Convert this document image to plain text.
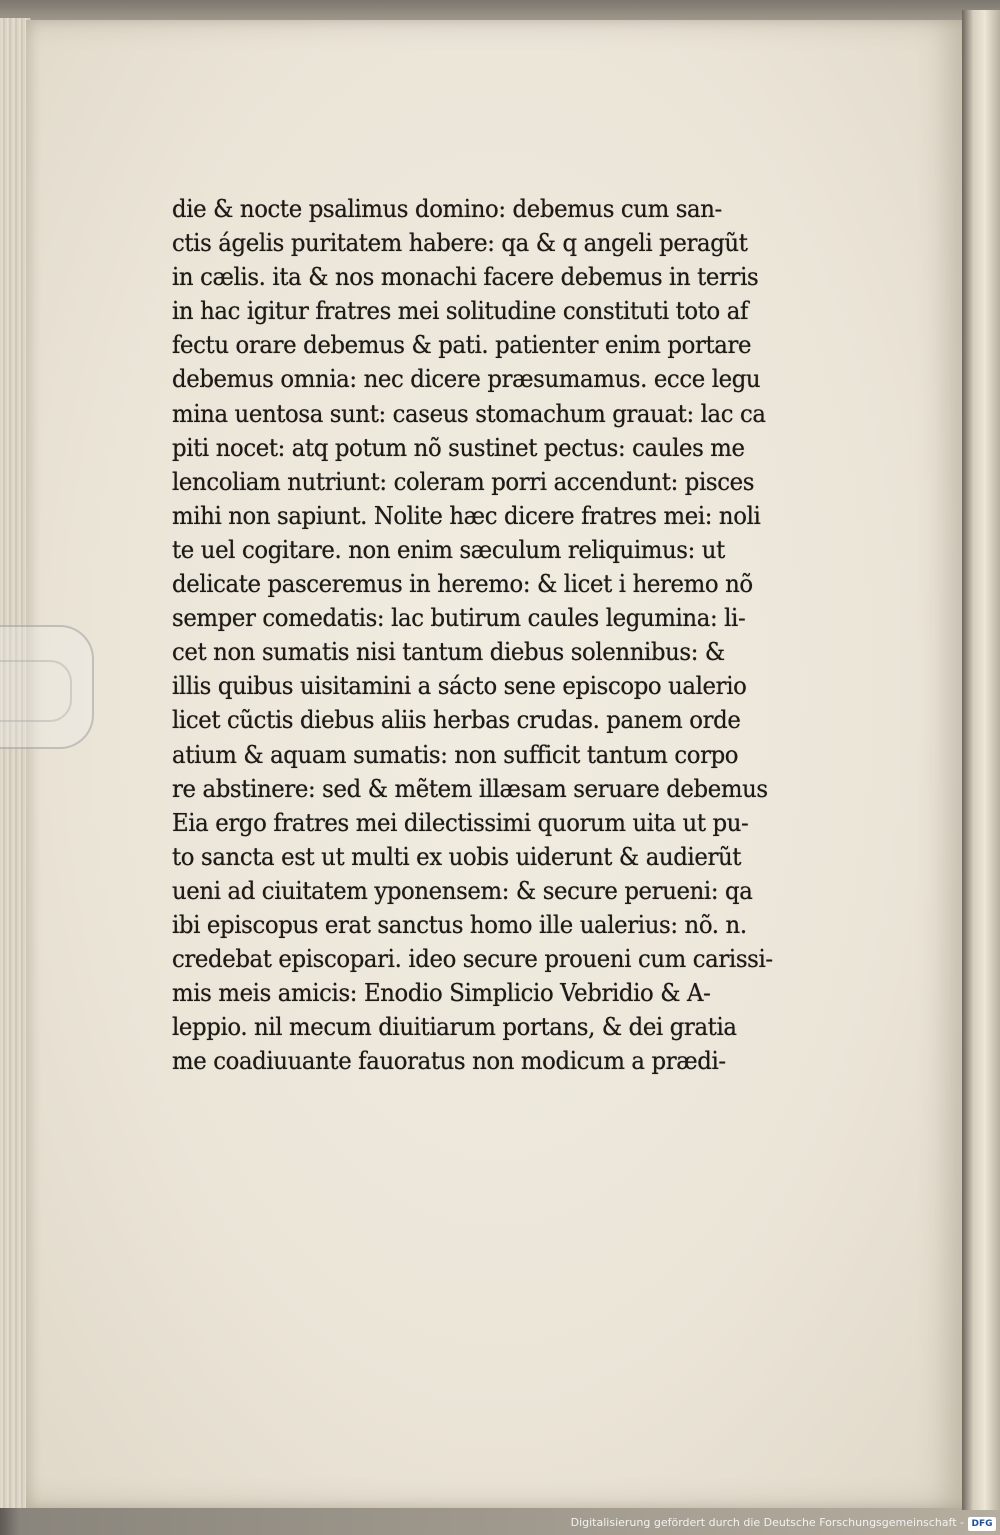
die & nocte psalimus domino: debemus cum san-
ctis ágelis puritatem habere: qa & q angeli peragũt
in cælis. ita & nos monachi facere debemus in terris
in hac igitur fratres mei solitudine constituti toto af
fectu orare debemus & pati. patienter enim portare
debemus omnia: nec dicere præsumamus. ecce legu
mina uentosa sunt: caseus stomachum grauat: lac ca
piti nocet: atq potum nõ sustinet pectus: caules me
lencoliam nutriunt: coleram porri accendunt: pisces
mihi non sapiunt. Nolite hæc dicere fratres mei: noli
te uel cogitare. non enim sæculum reliquimus: ut
delicate pasceremus in heremo: & licet i heremo nõ
semper comedatis: lac butirum caules legumina: li-
cet non sumatis nisi tantum diebus solennibus: &
illis quibus uisitamini a sácto sene episcopo ualerio
licet cũctis diebus aliis herbas crudas. panem orde
atium & aquam sumatis: non sufficit tantum corpo
re abstinere: sed & mẽtem illæsam seruare debemus
Eia ergo fratres mei dilectissimi quorum uita ut pu-
to sancta est ut multi ex uobis uiderunt & audierũt
ueni ad ciuitatem yponensem: & secure perueni: qa
ibi episcopus erat sanctus homo ille ualerius: nõ. n.
credebat episcopari. ideo secure proueni cum carissi-
mis meis amicis: Enodio Simplicio Vebridio & A-
leppio. nil mecum diuitiarum portans, & dei gratia
me coadiuuante fauoratus non modicum a prædi-
Digitalisierung gefördert durch die Deutsche Forschungsgemeinschaft - DFG
